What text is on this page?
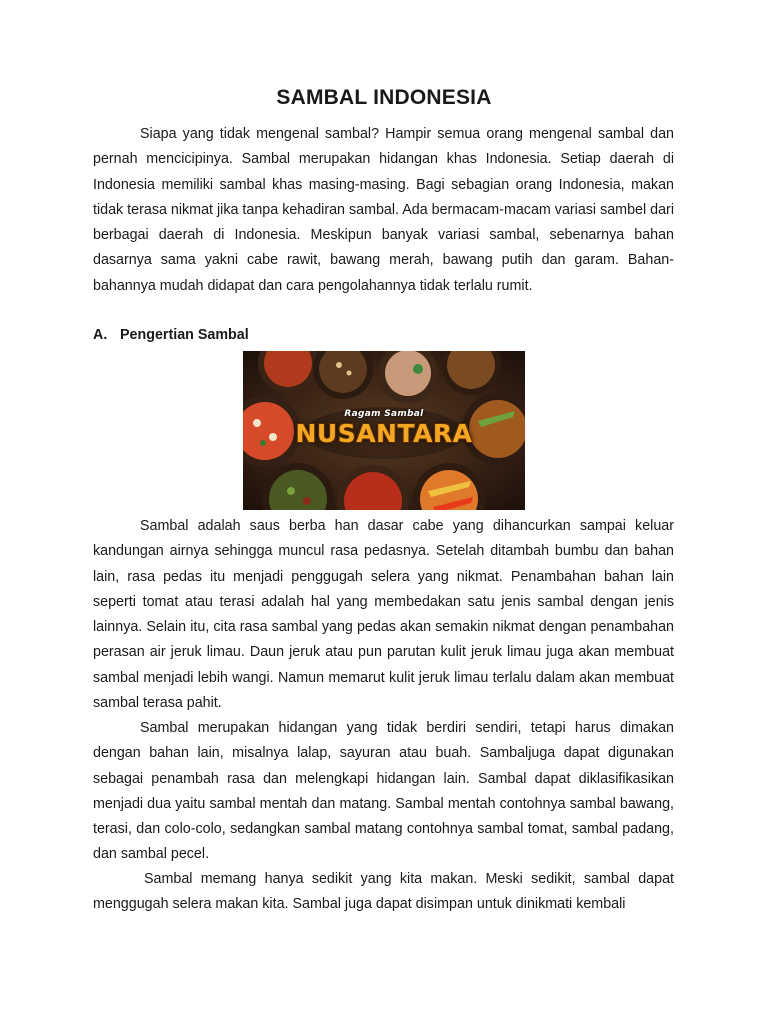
SAMBAL INDONESIA

Siapa yang tidak mengenal sambal? Hampir semua orang mengenal sambal dan pernah mencicipinya. Sambal merupakan hidangan khas Indonesia. Setiap daerah di Indonesia memiliki sambal khas masing-masing. Bagi sebagian orang Indonesia, makan tidak terasa nikmat jika tanpa kehadiran sambal. Ada bermacam-macam variasi sambel dari berbagai daerah di Indonesia. Meskipun banyak variasi sambal, sebenarnya bahan dasarnya sama yakni cabe rawit, bawang merah, bawang putih dan garam. Bahan-bahannya mudah didapat dan cara pengolahannya tidak terlalu rumit.

A. Pengertian Sambal

Ragam Sambal
NUSANTARA

Sambal adalah saus berba han dasar cabe yang dihancurkan sampai keluar kandungan airnya sehingga muncul rasa pedasnya. Setelah ditambah bumbu dan bahan lain, rasa pedas itu menjadi penggugah selera yang nikmat. Penambahan bahan lain seperti tomat atau terasi adalah hal yang membedakan satu jenis sambal dengan jenis lainnya. Selain itu, cita rasa sambal yang pedas akan semakin nikmat dengan penambahan perasan air jeruk limau. Daun jeruk atau pun parutan kulit jeruk limau juga akan membuat sambal menjadi lebih wangi. Namun memarut kulit jeruk limau terlalu dalam akan membuat sambal terasa pahit.

Sambal merupakan hidangan yang tidak berdiri sendiri, tetapi harus dimakan dengan bahan lain, misalnya lalap, sayuran atau buah. Sambaljuga dapat digunakan sebagai penambah rasa dan melengkapi hidangan lain. Sambal dapat diklasifikasikan menjadi dua yaitu sambal mentah dan matang. Sambal mentah contohnya sambal bawang, terasi, dan colo-colo, sedangkan sambal matang contohnya sambal tomat, sambal padang, dan sambal pecel.

Sambal memang hanya sedikit yang kita makan. Meski sedikit, sambal dapat menggugah selera makan kita. Sambal juga dapat disimpan untuk dinikmati kembali
